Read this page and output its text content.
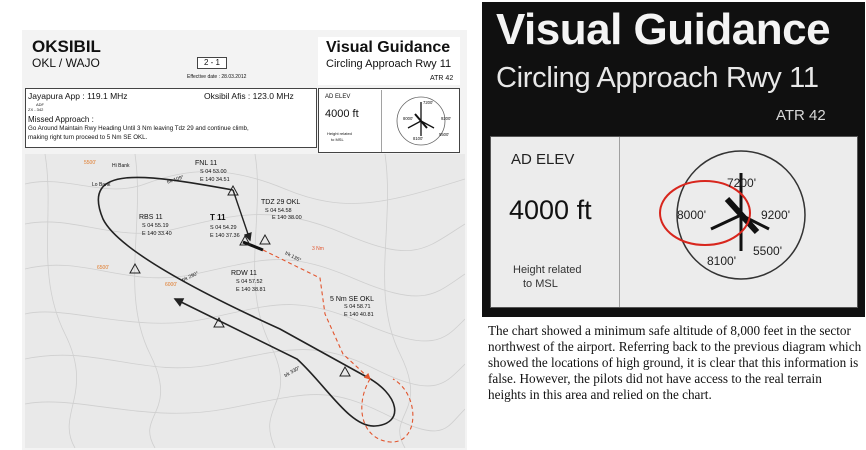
OKSIBIL
OKL / WAJO	2 - 1
Effective date : 28.03.2012
Visual Guidance
Circling Approach Rwy 11
ATR 42
Jayapura App : 119.1 MHz	Oksibil Afis : 123.0 MHz
ADF
ZX - 342
Missed Approach :
Go Around Maintain Rwy Heading Until 3 Nm leaving Tdz 29 and continue climb,
making right turn proceed to 5 Nm SE OKL.
AD ELEV
4000 ft
Height related
to MSL
7200'
8000'	9200'
5500'
8100'
Hi Bank
Lo Bank
5500'
6500'
6000'
FNL 11
S 04 53.00
E 140 34.51
TDZ 29 OKL
S 04 54.58
E 140 38.00
T 11
S 04 54.29
E 140 37.36
RBS 11
S 04 55.19
E 140 33.40
RDW 11
S 04 57.52
E 140 38.81
5 Nm SE OKL
S 04 58.71
E 140 40.81
trk 109°
trk 135°
trk 290°
trk 330°
3 Nm
Visual Guidance
Circling Approach Rwy 11
ATR 42
AD ELEV
4000 ft
Height related
to MSL
7200'
8000'	9200'
5500'
8100'
The chart showed a minimum safe altitude of 8,000 feet in the sector northwest of the airport. Referring back to the previous diagram which showed the locations of high ground, it is clear that this information is false. However, the pilots did not have access to the real terrain heights in this area and relied on the chart.
